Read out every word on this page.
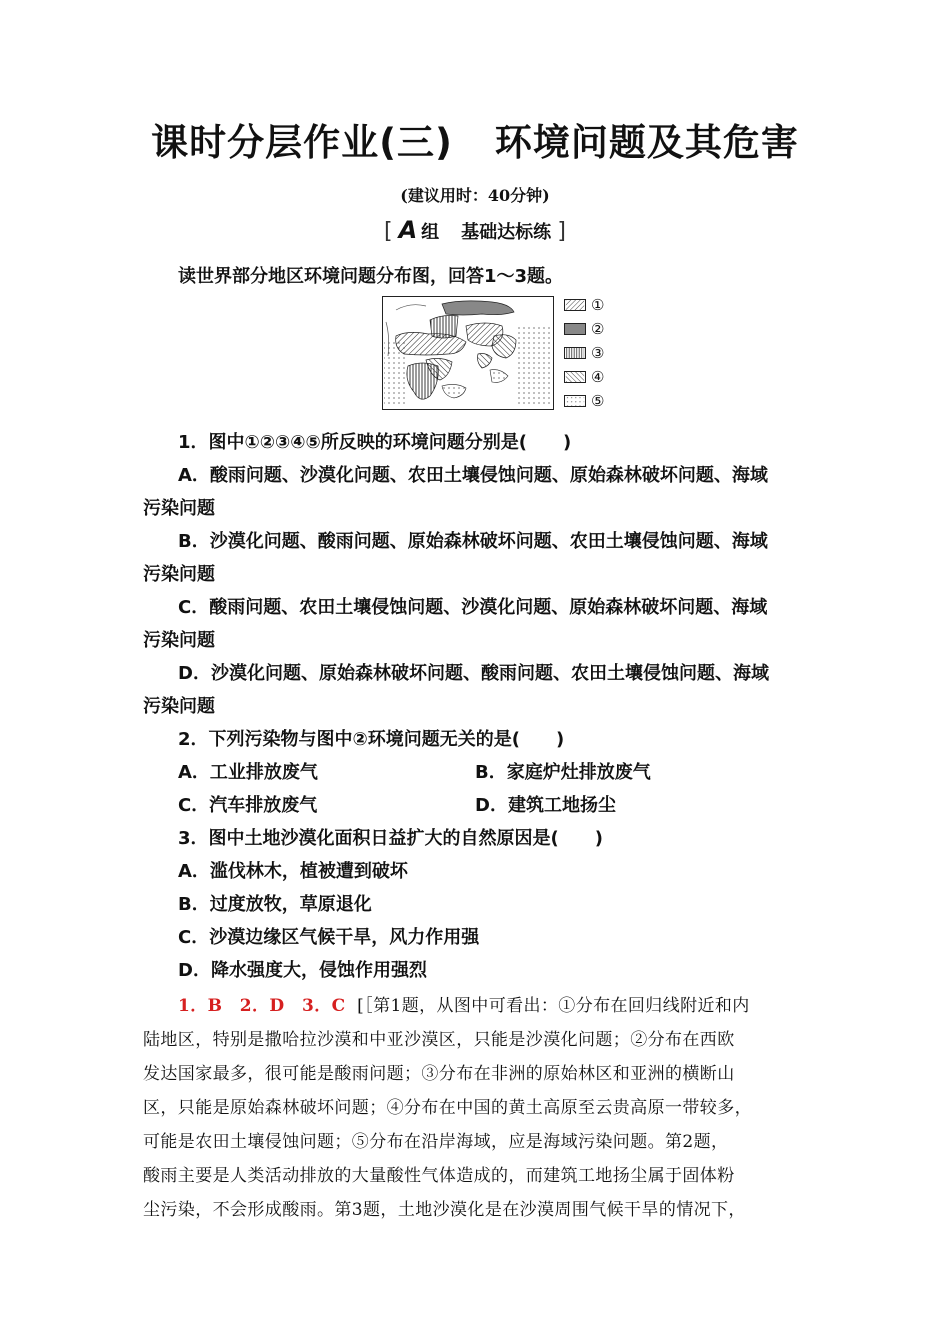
课时分层作业(三) 环境问题及其危害
(建议用时：40分钟)
[ A 组 基础达标练 ]
读世界部分地区环境问题分布图，回答1～3题。
①
②
③
④
⑤
1．图中①②③④⑤所反映的环境问题分别是(　　)
A．酸雨问题、沙漠化问题、农田土壤侵蚀问题、原始森林破坏问题、海域
污染问题
B．沙漠化问题、酸雨问题、原始森林破坏问题、农田土壤侵蚀问题、海域
污染问题
C．酸雨问题、农田土壤侵蚀问题、沙漠化问题、原始森林破坏问题、海域
污染问题
D．沙漠化问题、原始森林破坏问题、酸雨问题、农田土壤侵蚀问题、海域
污染问题
2．下列污染物与图中②环境问题无关的是(　　)
A．工业排放废气	B．家庭炉灶排放废气
C．汽车排放废气	D．建筑工地扬尘
3．图中土地沙漠化面积日益扩大的自然原因是(　　)
A．滥伐林木，植被遭到破坏
B．过度放牧，草原退化
C．沙漠边缘区气候干旱，风力作用强
D．降水强度大，侵蚀作用强烈
1．B　2．D　3．C [［第1题，从图中可看出：①分布在回归线附近和内
陆地区，特别是撒哈拉沙漠和中亚沙漠区，只能是沙漠化问题；②分布在西欧
发达国家最多，很可能是酸雨问题；③分布在非洲的原始林区和亚洲的横断山
区，只能是原始森林破坏问题；④分布在中国的黄土高原至云贵高原一带较多，
可能是农田土壤侵蚀问题；⑤分布在沿岸海域，应是海域污染问题。第2题，
酸雨主要是人类活动排放的大量酸性气体造成的，而建筑工地扬尘属于固体粉
尘污染，不会形成酸雨。第3题，土地沙漠化是在沙漠周围气候干旱的情况下，
